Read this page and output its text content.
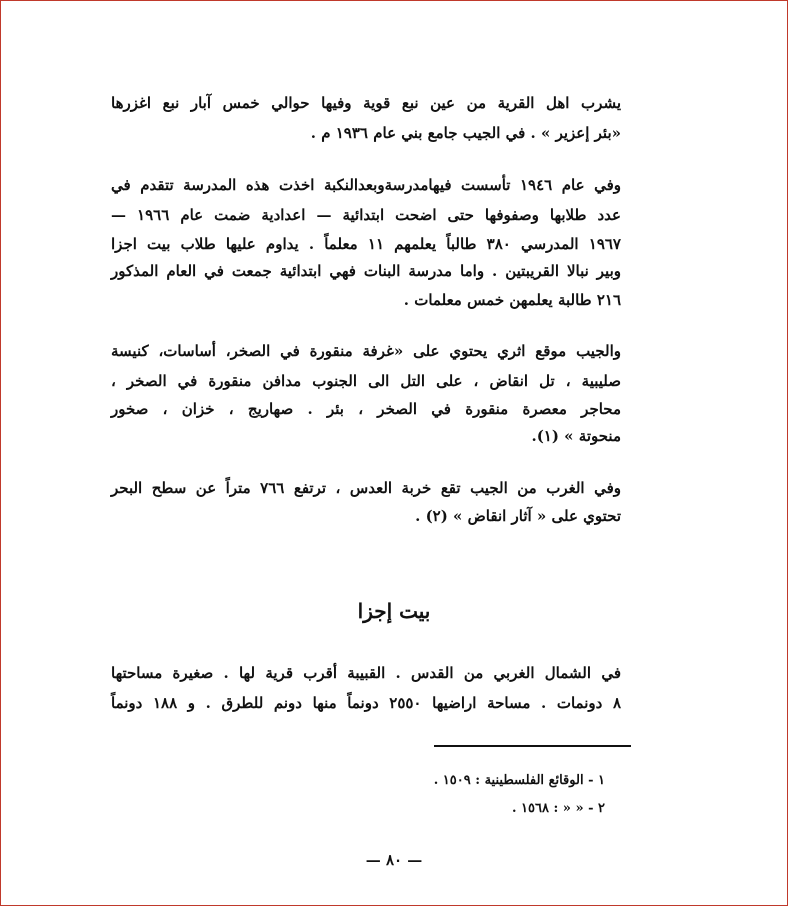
يشرب اهل القرية من عين نبع قوية وفيها حوالي خمس آبار نبع اغزرها
«بئر إعزير » . في الجيب جامع بني عام ١٩٣٦ م .
وفي عام ١٩٤٦ تأسست فيهامدرسةوبعدالنكبة اخذت هذه المدرسة تتقدم في
عدد طلابها وصفوفها حتى اضحت ابتدائية — اعدادية ضمت عام ١٩٦٦ —
١٩٦٧ المدرسي ٣٨٠ طالباً يعلمهم ١١ معلماً . يداوم عليها طلاب بيت اجزا
وبير نبالا القريبتين . واما مدرسة البنات فهي ابتدائية جمعت في العام المذكور
٢١٦ طالبة يعلمهن خمس معلمات .
والجيب موقع اثري يحتوي على «غرفة منقورة في الصخر، أساسات، كنيسة
صليبية ، تل انقاض ، على التل الى الجنوب مدافن منقورة في الصخر ،
محاجر معصرة منقورة في الصخر ، بئر . صهاريج ، خزان ، صخور
منحوتة » (١).
وفي الغرب من الجيب تقع خربة العدس ، ترتفع ٧٦٦ متراً عن سطح البحر
تحتوي على « آثار انقاض » (٢) .
بيت إجزا
في الشمال الغربي من القدس . القبيبة أقرب قرية لها . صغيرة مساحتها
٨ دونمات . مساحة اراضيها ٢٥٥٠ دونماً منها دونم للطرق . و ١٨٨ دونماً
١ - الوقائع الفلسطينية : ١٥٠٩ .
٢ - « « : ١٥٦٨ .
— ٨٠ —
